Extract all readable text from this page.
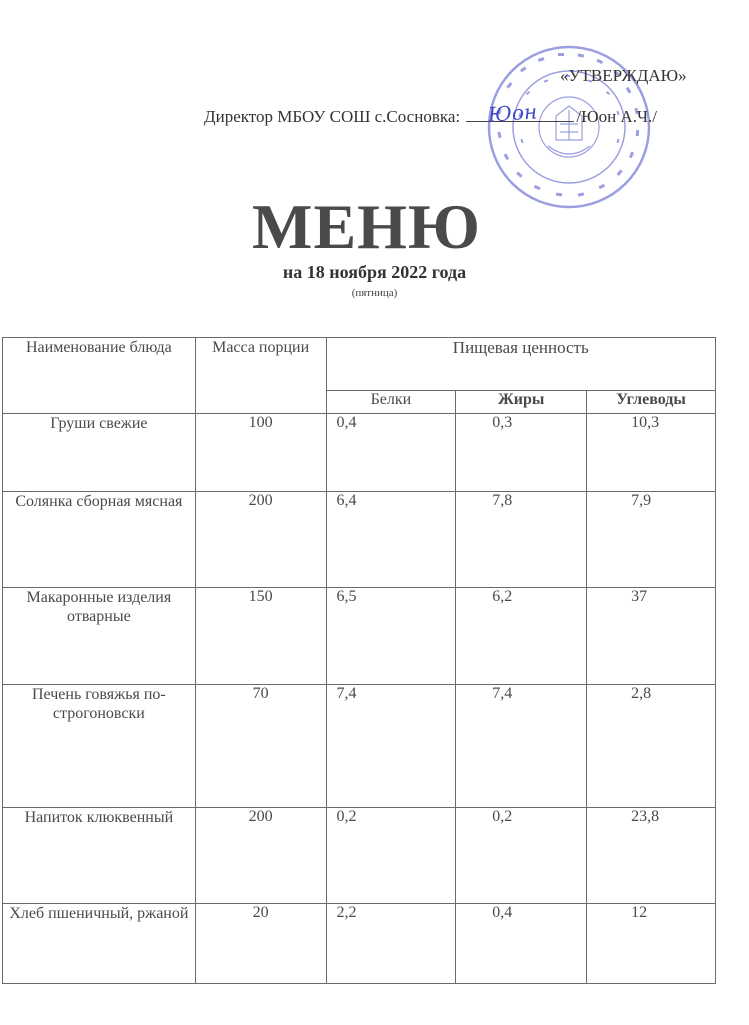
«УТВЕРЖДАЮ»
Директор МБОУ СОШ с.Сосновка: Юон /Юон А.Ч./
МЕНЮ
на 18 ноября 2022 года
(пятница)
Наименование блюда	Масса порции	Пищевая ценность		
		Белки	Жиры	Углеводы
Груши свежие	100	0,4	0,3	10,3
Солянка сборная мясная	200	6,4	7,8	7,9
Макаронные изделия отварные	150	6,5	6,2	37
Печень говяжья по-строгоновски	70	7,4	7,4	2,8
Напиток клюквенный	200	0,2	0,2	23,8
Хлеб пшеничный, ржаной	20	2,2	0,4	12
